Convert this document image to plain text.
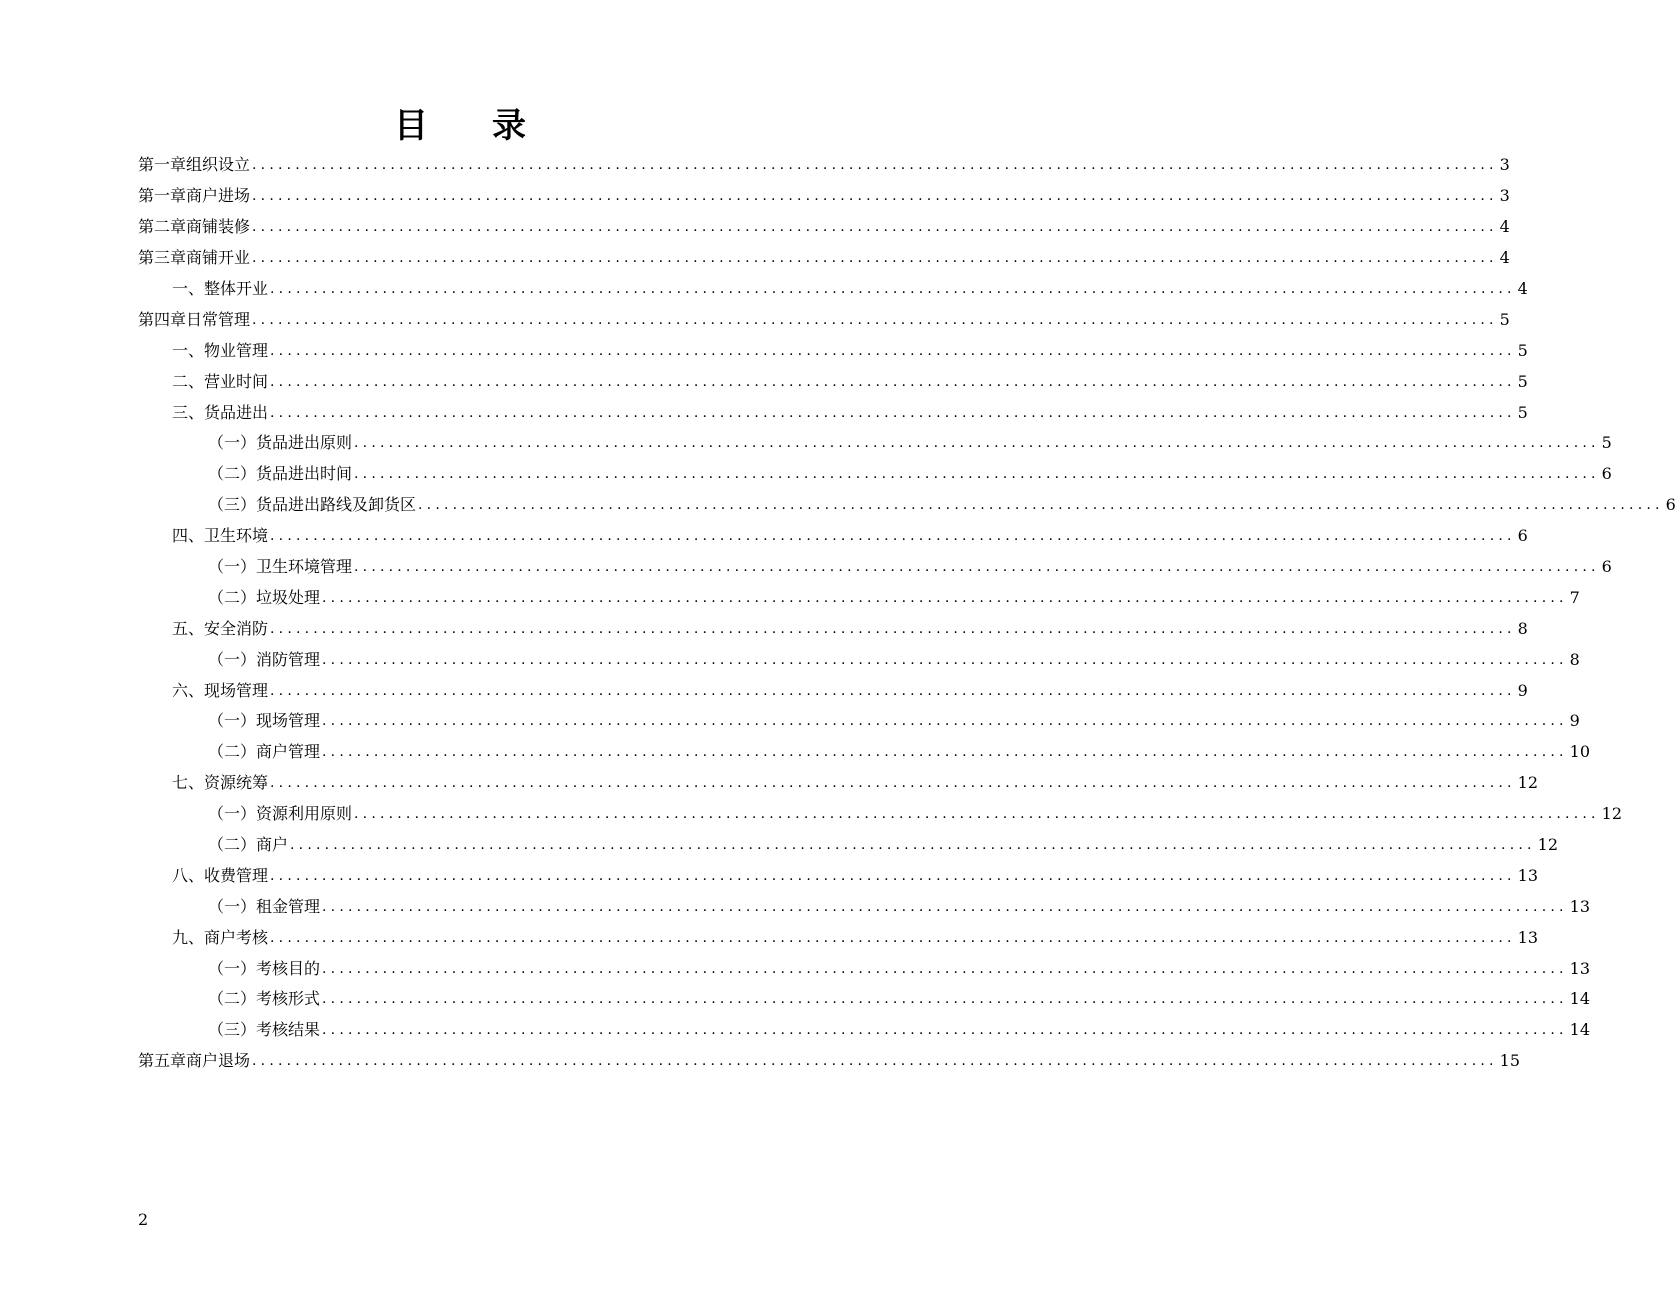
目 录
第一章组织设立 ................................................................................................................................................ 3
第一章商户进场 ................................................................................................................................................ 3
第二章商铺装修 ................................................................................................................................................ 4
第三章商铺开业 ................................................................................................................................................ 4
一、整体开业 ................................................................................................................................................ 4
第四章日常管理 ................................................................................................................................................ 5
一、物业管理 ................................................................................................................................................ 5
二、营业时间 ................................................................................................................................................ 5
三、货品进出 ................................................................................................................................................ 5
（一）货品进出原则 ................................................................................................................................................ 5
（二）货品进出时间 ................................................................................................................................................ 6
（三）货品进出路线及卸货区 ................................................................................................................................................ 6
四、卫生环境 ................................................................................................................................................ 6
（一）卫生环境管理 ................................................................................................................................................ 6
（二）垃圾处理 ................................................................................................................................................ 7
五、安全消防 ................................................................................................................................................ 8
（一）消防管理 ................................................................................................................................................ 8
六、现场管理 ................................................................................................................................................ 9
（一）现场管理 ................................................................................................................................................ 9
（二）商户管理 ................................................................................................................................................ 10
七、资源统筹 ................................................................................................................................................ 12
（一）资源利用原则 ................................................................................................................................................ 12
（二）商户 ................................................................................................................................................ 12
八、收费管理 ................................................................................................................................................ 13
（一）租金管理 ................................................................................................................................................ 13
九、商户考核 ................................................................................................................................................ 13
（一）考核目的 ................................................................................................................................................ 13
（二）考核形式 ................................................................................................................................................ 14
（三）考核结果 ................................................................................................................................................ 14
第五章商户退场 ................................................................................................................................................ 15
2
